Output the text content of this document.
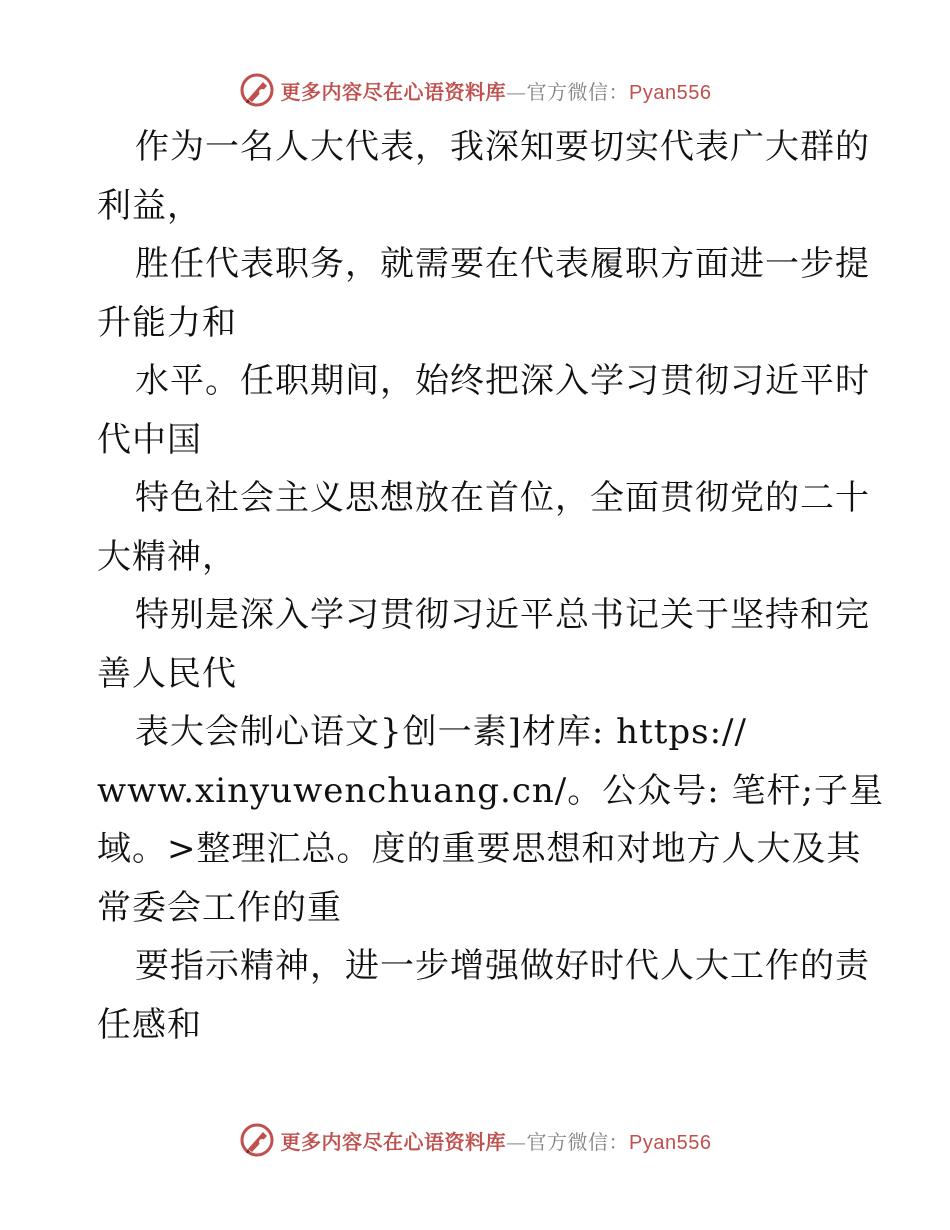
更多内容尽在心语资料库 — 官方微信： Pyan556
作为一名人大代表，我深知要切实代表广大群的
利益，
胜任代表职务，就需要在代表履职方面进一步提
升能力和
水平。任职期间，始终把深入学习贯彻习近平时
代中国
特色社会主义思想放在首位，全面贯彻党的二十
大精神，
特别是深入学习贯彻习近平总书记关于坚持和完
善人民代
表大会制心语文}创一素]材库: https://
www.xinyuwenchuang.cn/。公众号: 笔杆;子星
域。>整理汇总。度的重要思想和对地方人大及其
常委会工作的重
要指示精神，进一步增强做好时代人大工作的责
任感和
更多内容尽在心语资料库 — 官方微信： Pyan556
